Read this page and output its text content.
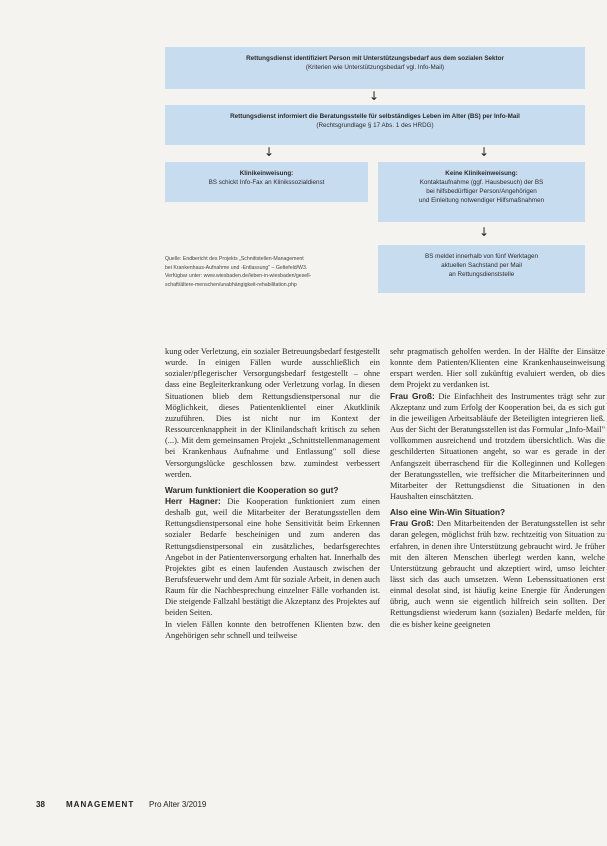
Rettungsdienst identifiziert Person mit Unterstützungsbedarf aus dem sozialen Sektor
(Kriterien wie Unterstützungsbedarf vgl. Info-Mail)
↓
Rettungsdienst informiert die Beratungsstelle für selbständiges Leben im Alter (BS) per Info-Mail
(Rechtsgrundlage § 17 Abs. 1 des HRDG)
↓	↓
Klinikeinweisung:
BS schickt Info-Fax an Klinikssozialdienst
Keine Klinikeinweisung:
Kontaktaufnahme (ggf. Hausbesuch) der BS
bei hilfsbedürftiger Person/Angehörigen
und Einleitung notwendiger Hilfsmaßnahmen
↓
BS meldet innerhalb von fünf Werktagen
aktuellen Sachstand per Mail
an Rettungsdienststelle
Quelle: Endbericht des Projekts „Schnittstellen-Management
bei Krankenhaus-Aufnahme und -Entlassung" – Geltefeld/W3.
Verfügbar unter: www.wiesbaden.de/leben-in-wiesbaden/gesell-
schaft/ältere-menschen/unabhängigkeit-rehabilitation.php

kung oder Verletzung, ein sozialer Betreuungsbedarf festgestellt wurde. In einigen Fällen wurde ausschließlich ein sozialer/pflegerischer Versorgungsbedarf festgestellt – ohne dass eine Begleiterkrankung oder Verletzung vorlag. In diesen Situationen blieb dem Rettungsdienstpersonal nur die Möglichkeit, dieses Patientenklientel einer Akutklinik zuzuführen. Dies ist nicht nur im Kontext der Ressourcenknappheit in der Klinilandschaft kritisch zu sehen (...). Mit dem gemeinsamen Projekt „Schnittstellenmanagement bei Krankenhaus Aufnahme und Entlassung" soll diese Versorgungslücke geschlossen bzw. zumindest verbessert werden.

Warum funktioniert die Kooperation so gut?

Herr Hagner: Die Kooperation funktioniert zum einen deshalb gut, weil die Mitarbeiter der Beratungsstellen dem Rettungsdienstpersonal eine hohe Sensitivität beim Erkennen sozialer Bedarfe bescheinigen und zum anderen das Rettungsdienstpersonal ein zusätzliches, bedarfsgerechtes Angebot in der Patientenversorgung erhalten hat. Innerhalb des Projektes gibt es einen laufenden Austausch zwischen der Berufsfeuerwehr und dem Amt für soziale Arbeit, in denen auch Raum für die Nachbesprechung einzelner Fälle vorhanden ist. Die steigende Fallzahl bestätigt die Akzeptanz des Projektes auf beiden Seiten.

In vielen Fällen konnte den betroffenen Klienten bzw. den Angehörigen sehr schnell und teilweise

sehr pragmatisch geholfen werden. In der Hälfte der Einsätze konnte dem Patienten/Klienten eine Krankenhauseinweisung erspart werden. Hier soll zukünftig evaluiert werden, ob dies dem Projekt zu verdanken ist.

Frau Groß: Die Einfachheit des Instrumentes trägt sehr zur Akzeptanz und zum Erfolg der Kooperation bei, da es sich gut in die jeweiligen Arbeitsabläufe der Beteiligten integrieren ließ. Aus der Sicht der Beratungsstellen ist das Formular „Info-Mail" vollkommen ausreichend und trotzdem übersichtlich. Was die geschilderten Situationen angeht, so war es gerade in der Anfangszeit überraschend für die Kolleginnen und Kollegen der Beratungsstellen, wie treffsicher die Mitarbeiterinnen und Mitarbeiter der Rettungsdienst die Situationen in den Haushalten einschätzten.

Also eine Win-Win Situation?

Frau Groß: Den Mitarbeitenden der Beratungsstellen ist sehr daran gelegen, möglichst früh bzw. rechtzeitig von Situation zu erfahren, in denen ihre Unterstützung gebraucht wird. Je früher mit den älteren Menschen überlegt werden kann, welche Unterstützung gebraucht und akzeptiert wird, umso leichter lässt sich das auch umsetzen. Wenn Lebenssituationen erst einmal desolat sind, ist häufig keine Energie für Änderungen übrig, auch wenn sie eigentlich hilfreich sein sollten. Der Rettungsdienst wiederum kann (sozialen) Bedarfe melden, für die es bisher keine geeigneten

38	MANAGEMENT Pro Alter 3/2019
